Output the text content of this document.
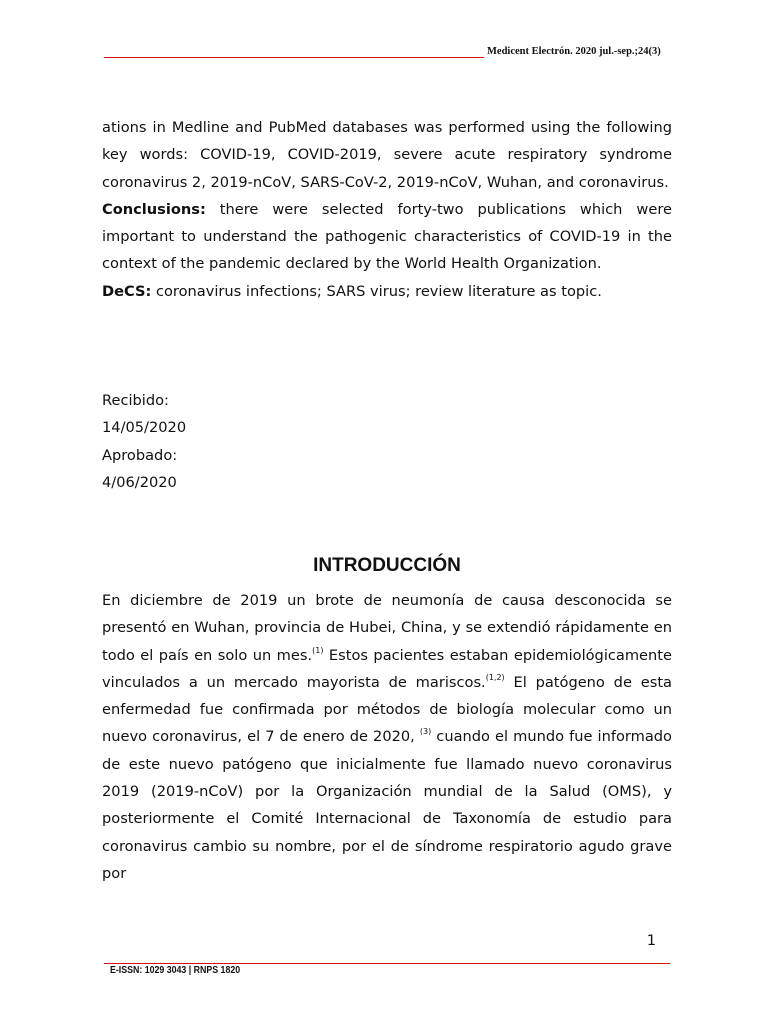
Medicent Electrón. 2020 jul.-sep.;24(3)

ations in Medline and PubMed databases was performed using the following key words: COVID-19, COVID-2019, severe acute respiratory syndrome coronavirus 2, 2019-nCoV, SARS-CoV-2, 2019-nCoV, Wuhan, and coronavirus.

Conclusions: there were selected forty-two publications which were important to understand the pathogenic characteristics of COVID-19 in the context of the pandemic declared by the World Health Organization.

DeCS: coronavirus infections; SARS virus; review literature as topic.

Recibido:

14/05/2020

Aprobado:

4/06/2020

INTRODUCCIÓN

En diciembre de 2019 un brote de neumonía de causa desconocida se presentó en Wuhan, provincia de Hubei, China, y se extendió rápidamente en todo el país en solo un mes.$^{(1)}$ Estos pacientes estaban epidemiológicamente vinculados a un mercado mayorista de mariscos.$^{(1,2)}$ El patógeno de esta enfermedad fue confirmada por métodos de biología molecular como un nuevo coronavirus, el 7 de enero de 2020, $^{(3)}$ cuando el mundo fue informado de este nuevo patógeno que inicialmente fue llamado nuevo coronavirus 2019 (2019-nCoV) por la Organización mundial de la Salud (OMS), y posteriormente el Comité Internacional de Taxonomía de estudio para coronavirus cambio su nombre, por el de síndrome respiratorio agudo grave por

1
E-ISSN: 1029 3043 | RNPS 1820
